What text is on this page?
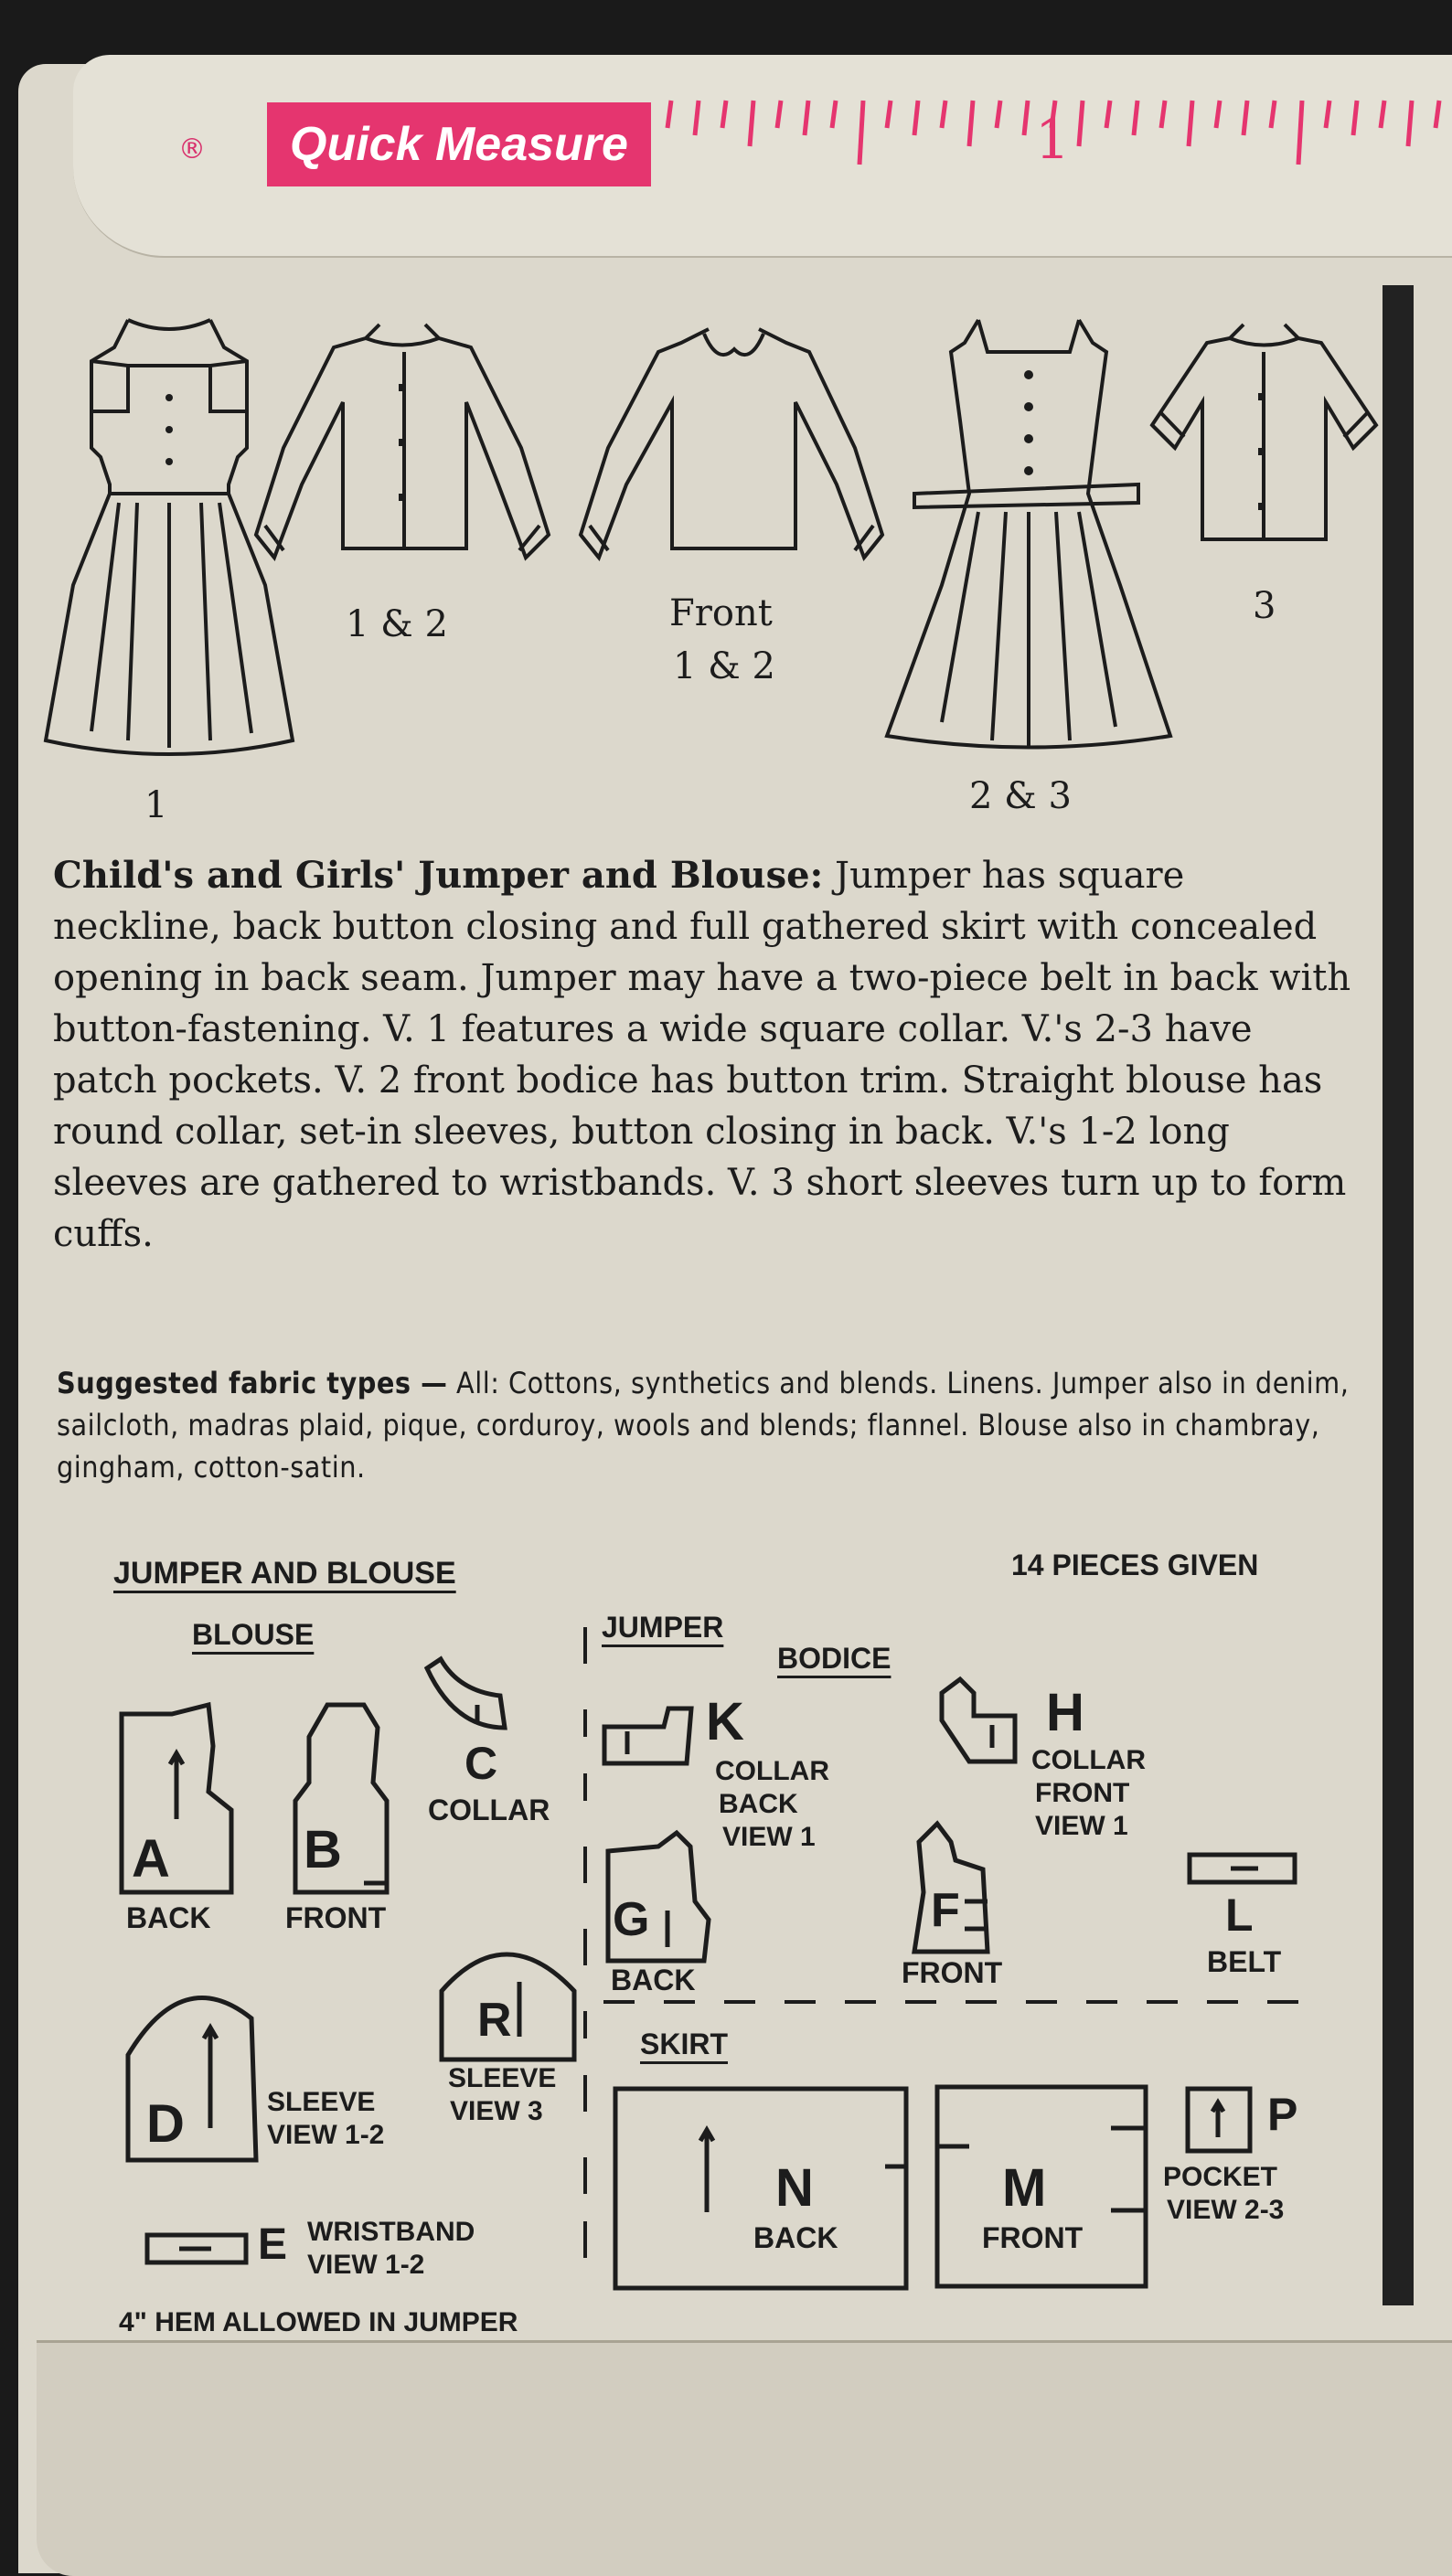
®	Quick Measure	1
1
1 & 2	Front
1 & 2
2 & 3
3
Child's and Girls' Jumper and Blouse: Jumper has square neckline, back button closing and full gathered skirt with concealed opening in back seam. Jumper may have a two-piece belt in back with button-fastening. V. 1 features a wide square collar. V.'s 2-3 have patch pockets. V. 2 front bodice has button trim. Straight blouse has round collar, set-in sleeves, button closing in back. V.'s 1-2 long sleeves are gathered to wristbands. V. 3 short sleeves turn up to form cuffs.
Suggested fabric types — All: Cottons, synthetics and blends. Linens. Jumper also in denim, sailcloth, madras plaid, pique, corduroy, wools and blends; flannel. Blouse also in chambray, gingham, cotton-satin.
JUMPER AND BLOUSE	14 PIECES GIVEN
BLOUSE	JUMPER
BODICE
A
BACK
B
FRONT
C
COLLAR
D	SLEEVE
VIEW 1-2
E WRISTBAND
VIEW 1-2
R
SLEEVE
VIEW 3
K
COLLAR
BACK
VIEW 1
H
COLLAR
FRONT
VIEW 1
G
BACK
F
FRONT
L
BELT
SKIRT
N
BACK
M
FRONT
P
POCKET
VIEW 2-3
4" HEM ALLOWED IN JUMPER
